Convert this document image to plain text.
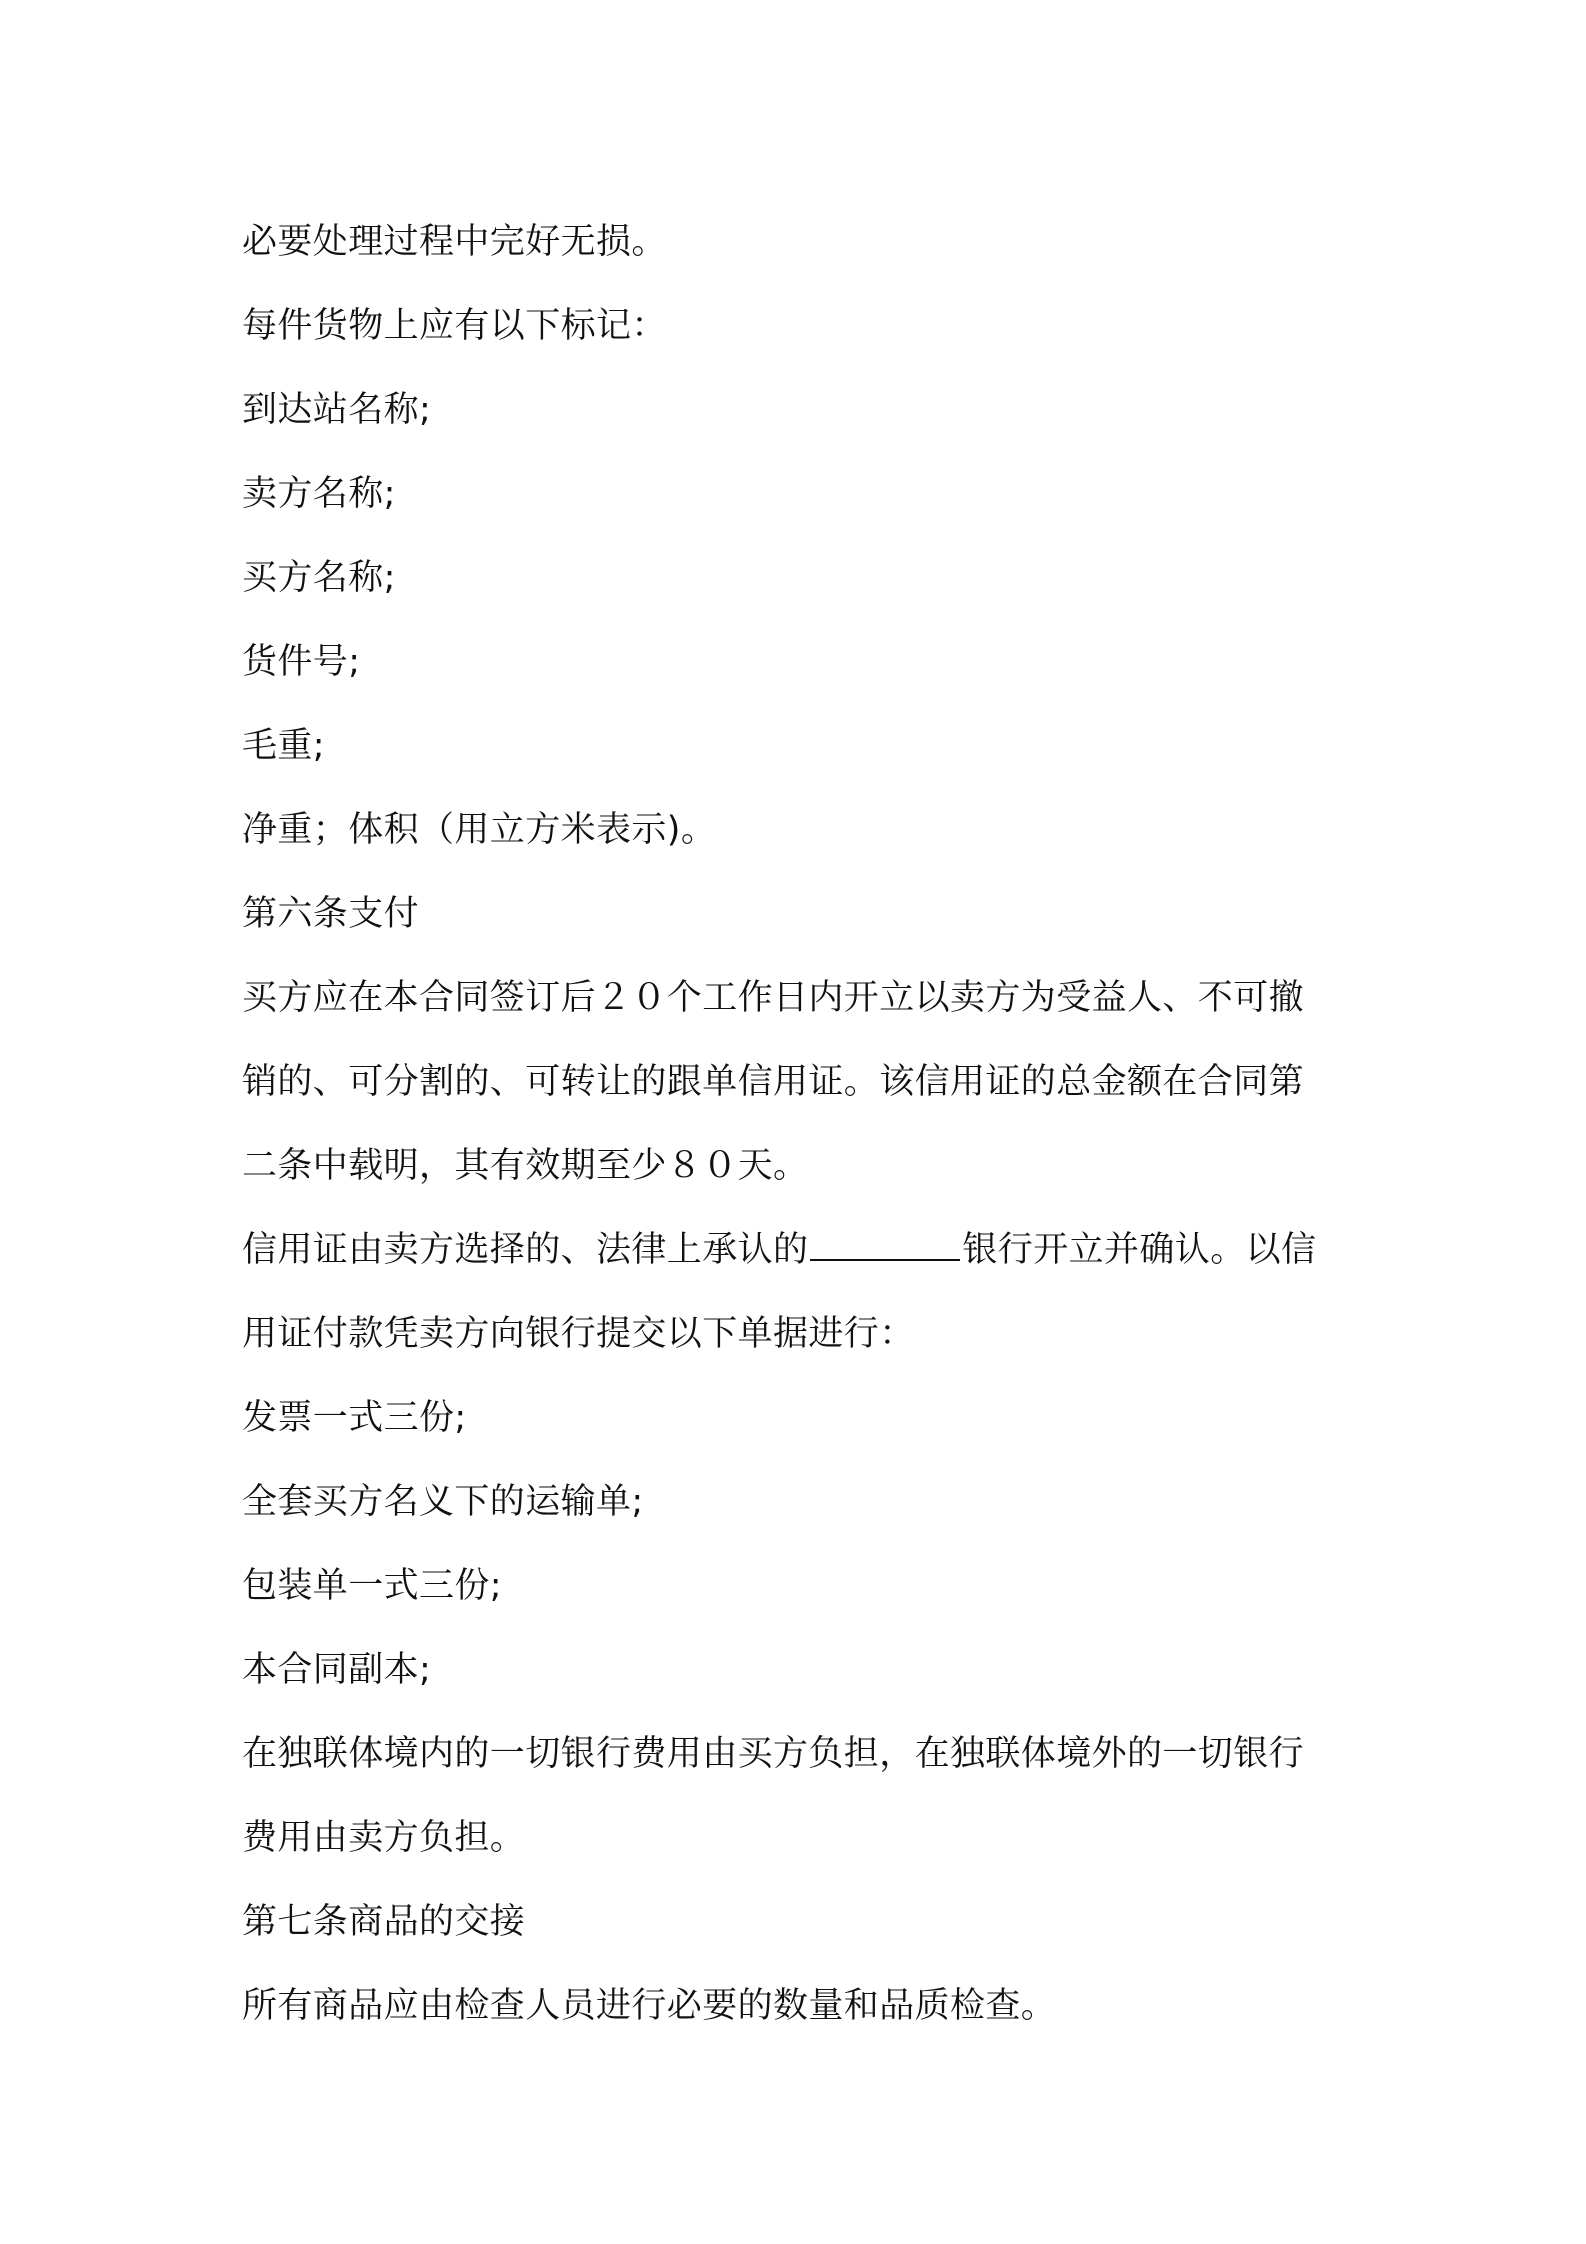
必要处理过程中完好无损。
每件货物上应有以下标记：
到达站名称;
卖方名称;
买方名称;
货件号;
毛重;
净重；体积（用立方米表示)。
第六条支付
买方应在本合同签订后２０个工作日内开立以卖方为受益人、不可撤
销的、可分割的、可转让的跟单信用证。该信用证的总金额在合同第
二条中载明，其有效期至少８０天。
信用证由卖方选择的、法律上承认的	银行开立并确认。以信
用证付款凭卖方向银行提交以下单据进行：
发票一式三份;
全套买方名义下的运输单;
包装单一式三份;
本合同副本;
在独联体境内的一切银行费用由买方负担，在独联体境外的一切银行
费用由卖方负担。
第七条商品的交接
所有商品应由检查人员进行必要的数量和品质检查。
